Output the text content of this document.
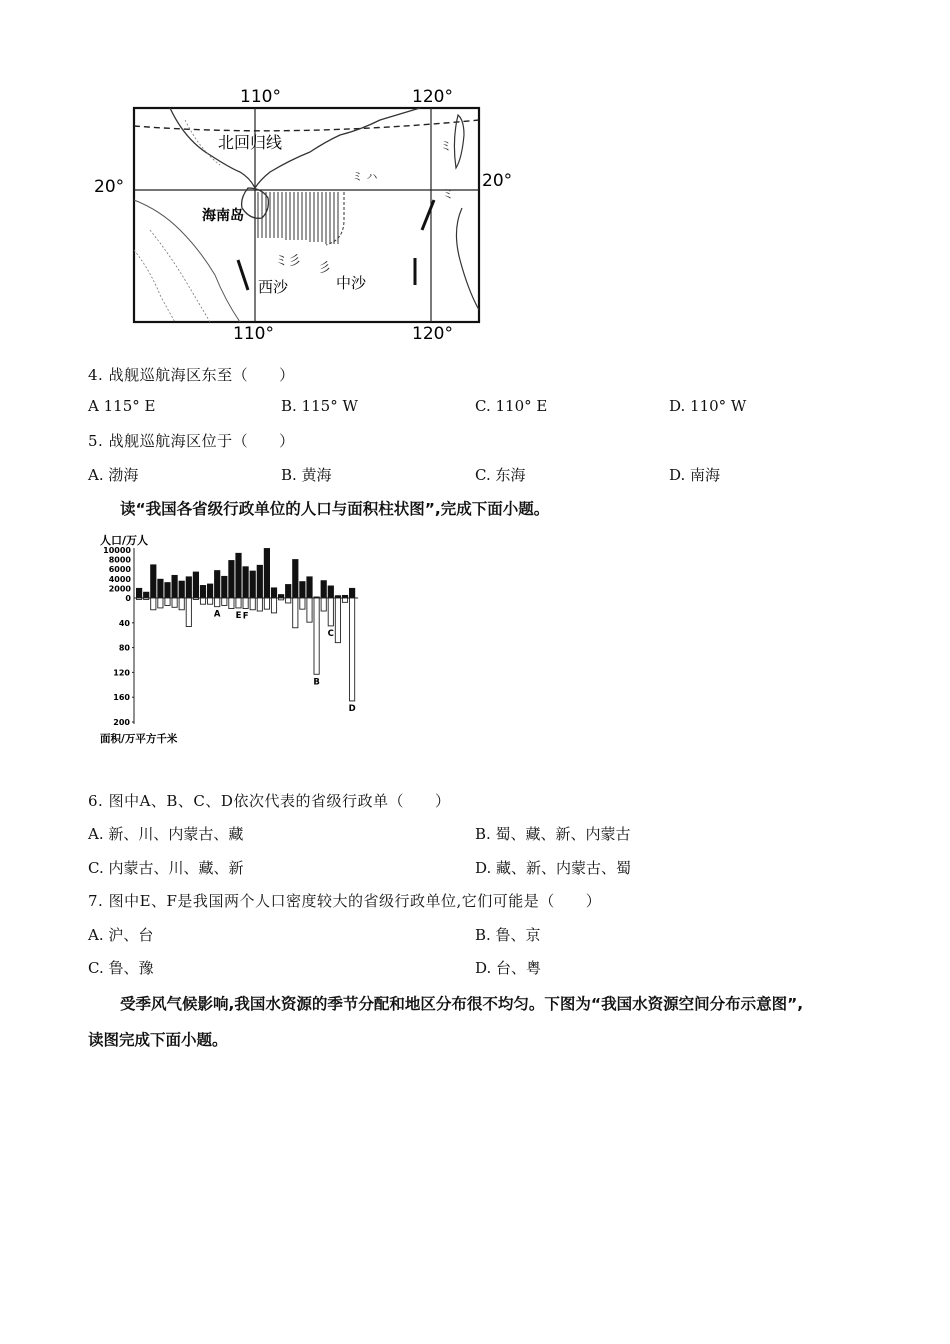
ミ ハ
ミ
ミ
ミ彡 彡
110°	120°
110°	120°
20°	20°
北回归线
海南岛
西沙	中沙
4. 战舰巡航海区东至（　　）
A 115° E	B. 115° W	C. 110° E	D. 110° W
5. 战舰巡航海区位于（　　）
A. 渤海	B. 黄海	C. 东海	D. 南海
读“我国各省级行政单位的人口与面积柱状图”,完成下面小题。
人口/万人
面积/万平方千米
10000
8000
6000
4000
2000
0
40
80
120
160
200
A E F
B
C
D
6. 图中A、B、C、D依次代表的省级行政单（　　）
A. 新、川、内蒙古、藏	B. 蜀、藏、新、内蒙古
C. 内蒙古、川、藏、新	D. 藏、新、内蒙古、蜀
7. 图中E、F是我国两个人口密度较大的省级行政单位,它们可能是（　　）
A. 沪、台	B. 鲁、京
C. 鲁、豫	D. 台、粤
受季风气候影响,我国水资源的季节分配和地区分布很不均匀。下图为“我国水资源空间分布示意图”,
读图完成下面小题。
